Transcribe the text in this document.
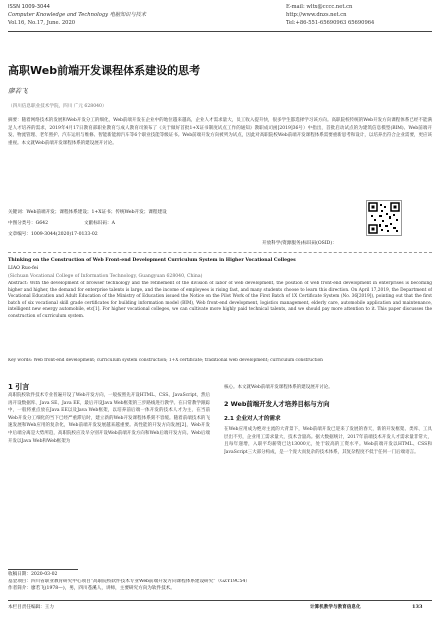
ISSN 1009-3044
Computer Knowledge and Technology 电脑知识与技术
Vol.16, No.17, June. 2020
E-mail: wltx@cccc.net.cn
http://www.dnzs.net.cn
Tel:+86-551-65690963 65690964
高职Web前端开发课程体系建设的思考
廖若飞
（四川信息职业技术学院，四川 广元 628040）
摘要：随着网络技术的发展和Web开发分工的细化，Web前端开发在企业中的地位越来越高，企业人才需求量大，员工收入提升快，很多学生都选择学习该方向。高职院校传统的Web开发方向课程体系已经不能满足人才培养的需求，2019年4月17日教育部职业教育与成人教育司颁布了《关于做好首批1+X证书制度试点工作的通知》教职成司函[2019]36号）中指出，首批启动试点的为建筑信息模型(BIM)、Web前端开发、物流管理、老年照护、汽车运用与维修、智能新能源汽车等6个职业技能等级证书。Web前端开发方向被列为试点，因此对高职院校Web前端开发课程体系需要重新思考和设计，以培养出符合企业需要，更应该重视。本文就Web前端开发课程体系的建设展开讨论。
关键词：Web前端开发；课程体系建设；1+X证书；传统Web开发；课程建设
中图分类号：G642	文献标识码：A
文章编号：1009-3044(2020)17-0133-02
开放科学(资源服务)标识码(OSID)：
Thinking on the Construction of Web Front-end Development Curriculum System in Higher Vocational Colleges
LIAO Ruo-fei
(Sichuan Vocational College of Information Technology, Guangyuan 628040, China)
Abstract: With the development of browser technology and the refinement of the division of labor of web development, the position of web front-end development in enterprises is becoming higher and higher, the demand for enterprise talents is large, and the income of employees is rising fast, and many students choose to learn this direction. On April 17,2019, the Department of Vocational Education and Adult Education of the Ministry of Education issued the Notice on the Pilot Work of the First Batch of 1X Certificate System (No. 36[2019]), pointing out that the first batch of six vocational skill grade certificates for building information model (BIM), Web front-end development, logistics management, elderly care, automobile application and maintenance, intelligent new energy automobile, etc[1]. For higher vocational colleges, we can cultivate more highly paid technical talents, and we should pay more attention to it. This paper discusses the construction of curriculum system.
Key words: Web front-end development; curriculum system construction; 1+X certificate; traditional web development; curriculum construction
1 引言
高职院校软件技术专业普遍开设了Web开发方向，一般按照先开设HTML、CSS、JavaScript，然后再开设数据库、Java SE、Java EE，最后开设Java Web框架的三步路线进行教学。在日常教学跟踪中，一般将重点放在Java EE以及Java Web框架，以培养前后端一体开发的技术人才为主，在当前Web开发分工细化的当下已经严重滞后时，建立新的Web开发课程体系刻不容缓。随着前端技术的飞速发展和Web应用的复杂化，Web前端开发发展越来越重要。高性能的开发方向发展[2]，Web开发中后端分离是大势所趋，高职院校应及早分别开设Web前端开发方向和Web后端开发方向。Web后端开发以Java Web和Web框架为
核心。本文就Web前端开发课程体系的建设展开讨论。
2 Web前端开发人才培养目标与方向
2.1 企业对人才的需求
在Web应用成为绝对主流的大背景下，Web前端开发已迎来了发展的春天，新的开发框架、类库、工具层出不穷，企业用工需求量大，技术含量高。据大数据统计，2017年前端技术开发人才需求量非常大，且每年递增，入职平均薪资已达13000元，处于较高的工资水平。Web前端开发以HTML、CSS和JavaScript三大部分构成，是一个庞大而复杂的技术体系，其复杂程度不低于任何一门后端语言。
收稿日期：2020-03-02
基金项目：四川省职业教育研究中心项目“高职院校软件技术专业Web前端开发方向课程体系建设研究”（GZY19C54）
作者简介：廖若飞(1978—)，男，四川苍溪人，讲师，主要研究方向为软件技术。
本栏目责任编辑：王力	计算机教学与教育信息化	133
